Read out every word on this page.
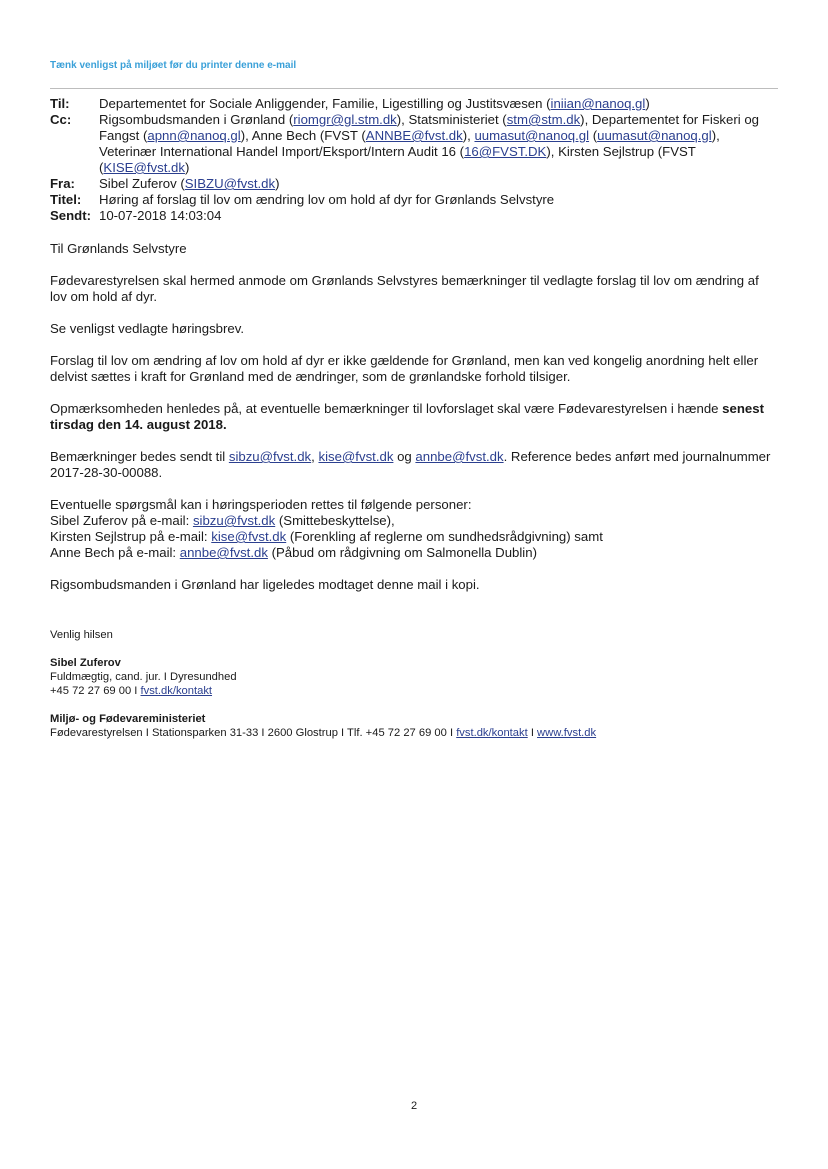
Tænk venligst på miljøet før du printer denne e-mail
Til:	Departementet for Sociale Anliggender, Familie, Ligestilling og Justitsvæsen (iniian@nanoq.gl)
Cc:	Rigsombudsmanden i Grønland (riomgr@gl.stm.dk), Statsministeriet (stm@stm.dk), Departementet for Fiskeri og Fangst (apnn@nanoq.gl), Anne Bech (FVST (ANNBE@fvst.dk), uumasut@nanoq.gl (uumasut@nanoq.gl), Veterinær International Handel Import/Eksport/Intern Audit 16 (16@FVST.DK), Kirsten Sejlstrup (FVST (KISE@fvst.dk)
Fra:	Sibel Zuferov (SIBZU@fvst.dk)
Titel:	Høring af forslag til lov om ændring lov om hold af dyr for Grønlands Selvstyre
Sendt: 10-07-2018 14:03:04

Til Grønlands Selvstyre

Fødevarestyrelsen skal hermed anmode om Grønlands Selvstyres bemærkninger til vedlagte forslag til lov om ændring af lov om hold af dyr.

Se venligst vedlagte høringsbrev.

Forslag til lov om ændring af lov om hold af dyr er ikke gældende for Grønland, men kan ved kongelig anordning helt eller delvist sættes i kraft for Grønland med de ændringer, som de grønlandske forhold tilsiger.

Opmærksomheden henledes på, at eventuelle bemærkninger til lovforslaget skal være Fødevarestyrelsen i hænde senest tirsdag den 14. august 2018.

Bemærkninger bedes sendt til sibzu@fvst.dk, kise@fvst.dk og annbe@fvst.dk. Reference bedes anført med journalnummer 2017-28-30-00088.

Eventuelle spørgsmål kan i høringsperioden rettes til følgende personer:
Sibel Zuferov på e-mail: sibzu@fvst.dk (Smittebeskyttelse),
Kirsten Sejlstrup på e-mail: kise@fvst.dk (Forenkling af reglerne om sundhedsrådgivning) samt
Anne Bech på e-mail: annbe@fvst.dk (Påbud om rådgivning om Salmonella Dublin)

Rigsombudsmanden i Grønland har ligeledes modtaget denne mail i kopi.

Venlig hilsen

Sibel Zuferov
Fuldmægtig, cand. jur. I Dyresundhed
+45 72 27 69 00 I fvst.dk/kontakt

Miljø- og Fødevareministeriet
Fødevarestyrelsen I Stationsparken 31-33 I 2600 Glostrup I Tlf. +45 72 27 69 00 I fvst.dk/kontakt I www.fvst.dk

2
